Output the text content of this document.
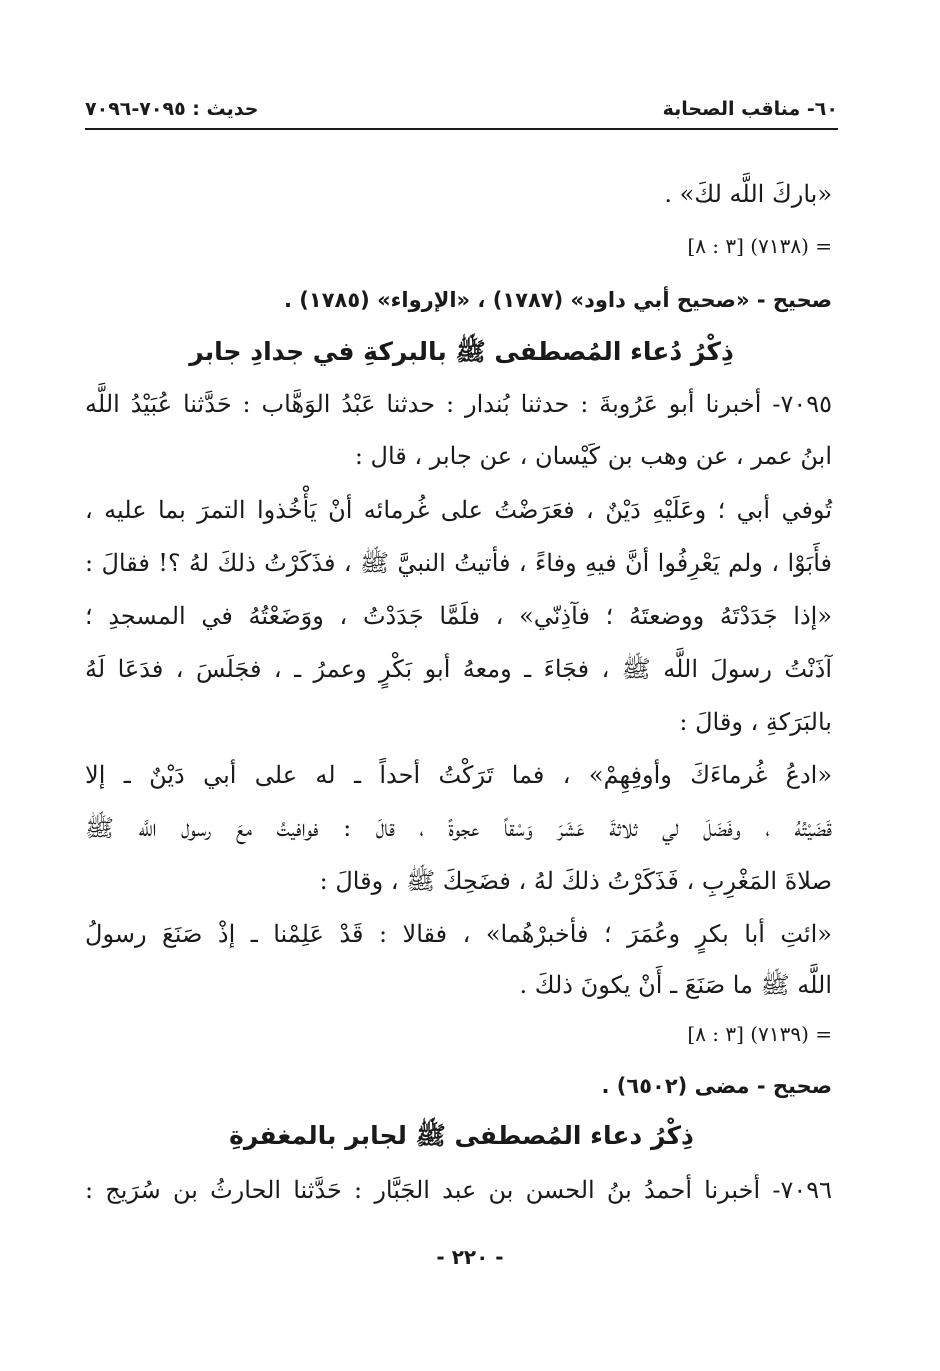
٦٠- مناقب الصحابة
حديث : ٧٠٩٥-٧٠٩٦
«باركَ اللَّه لكَ» .
= (٧١٣٨) [٣ : ٨]
صحيح - «صحيح أبي داود» (١٧٨٧) ، «الإرواء» (١٧٨٥) .
ذِكْرُ دُعاء المُصطفى ﷺ بالبركةِ في جدادِ جابر
٧٠٩٥- أخبرنا أبو عَرُوبةَ : حدثنا بُندار : حدثنا عَبْدُ الوَهَّاب : حَدَّثنا عُبَيْدُ اللَّه
ابنُ عمر ، عن وهب بن كَيْسان ، عن جابر ، قال :
تُوفي أبي ؛ وعَلَيْهِ دَيْنٌ ، فعَرَضْتُ على غُرمائه أنْ يَأْخُذوا التمرَ بما عليه ،
فأَبَوْا ، ولم يَعْرِفُوا أنَّ فيهِ وفاءً ، فأتيتُ النبيَّ ﷺ ، فذَكَرْتُ ذلكَ لهُ ؟! فقالَ :
«إذا جَدَدْتَهُ ووضعتَهُ ؛ فآذِنّي» ، فلَمَّا جَدَدْتُ ، ووَضَعْتُهُ في المسجدِ ؛
آذَنْتُ رسولَ اللَّه ﷺ ، فجَاءَ ـ ومعهُ أبو بَكْرٍ وعمرُ ـ ، فجَلَسَ ، فدَعَا لَهُ
بالبَرَكةِ ، وقالَ :
«ادعُ غُرماءَكَ وأوفِهِمْ» ، فما تَرَكْتُ أحداً ـ له على أبي دَيْنٌ ـ إلا
قَضَيْتُهُ ، وفَضَلَ لي ثلاثةَ عَشَرَ وَسْقاً عجوةً ، قالَ : فوافيتُ معَ رسول اللَّه ﷺ
صلاةَ المَغْرِبِ ، فَذَكَرْتُ ذلكَ لهُ ، فضَحِكَ ﷺ ، وقالَ :
«ائتِ أبا بكرٍ وعُمَرَ ؛ فأخبرْهُما» ، فقالا : قَدْ عَلِمْنا ـ إذْ صَنَعَ رسولُ
اللَّه ﷺ ما صَنَعَ ـ أَنْ يكونَ ذلكَ .
= (٧١٣٩) [٣ : ٨]
صحيح - مضى (٦٥٠٢) .
ذِكْرُ دعاء المُصطفى ﷺ لجابر بالمغفرةِ
٧٠٩٦- أخبرنا أحمدُ بنُ الحسن بن عبد الجَبَّار : حَدَّثنا الحارثُ بن سُرَيج :
- ٢٢٠ -
